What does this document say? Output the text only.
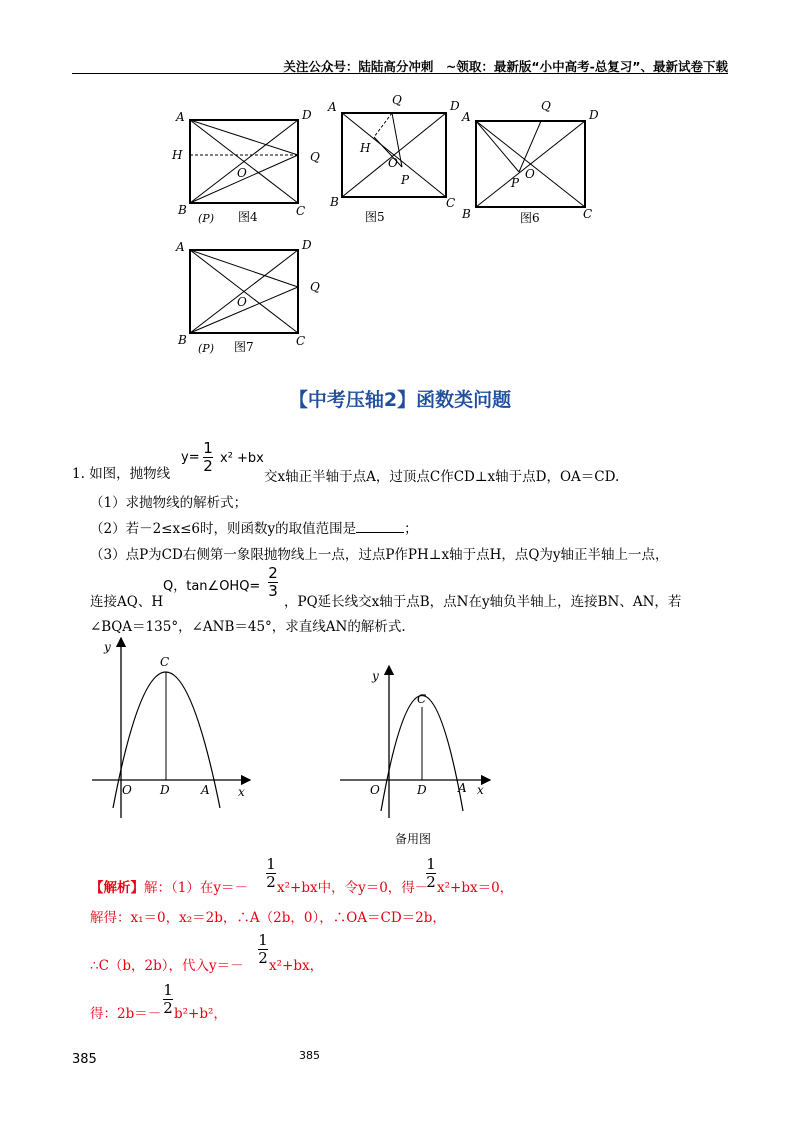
关注公众号：陆陆高分冲刺　~领取：最新版“小中高考-总复习”、最新试卷下载
A	D
H	Q
O
B	C
(P) 图4
A	Q	D
H
O
P
B	C
图5
A
Q
D
P
O
B	C
图6
A	D
Q
O
B	C
(P) 图7
【中考压轴2】函数类问题
1. 如图，抛物线
y=
1
2 x² +bx
交x轴正半轴于点A，过顶点C作CD⊥x轴于点D，OA＝CD.
（1）求抛物线的解析式；
（2）若－2≤x≤6时，则函数y的取值范围是	；
（3）点P为CD右侧第一象限抛物线上一点，过点P作PH⊥x轴于点H，点Q为y轴正半轴上一点，
连接AQ、H
Q，tan∠OHQ=
2
3
，PQ延长线交x轴于点B，点N在y轴负半轴上，连接BN、AN，若
∠BQA＝135°，∠ANB＝45°，求直线AN的解析式.
y
C
O D	A x
y
C
O	D	A x
备用图
【解析】解：（1）在y＝－
1
2 x²+bx中，令y＝0，得－
1
2 x²+bx＝0，
解得：x₁＝0，x₂＝2b，∴A（2b，0），∴OA＝CD＝2b，
∴C（b，2b），代入y＝－
1
2 x²+bx，
得：2b＝－
1
2 b²+b²，
385	385
